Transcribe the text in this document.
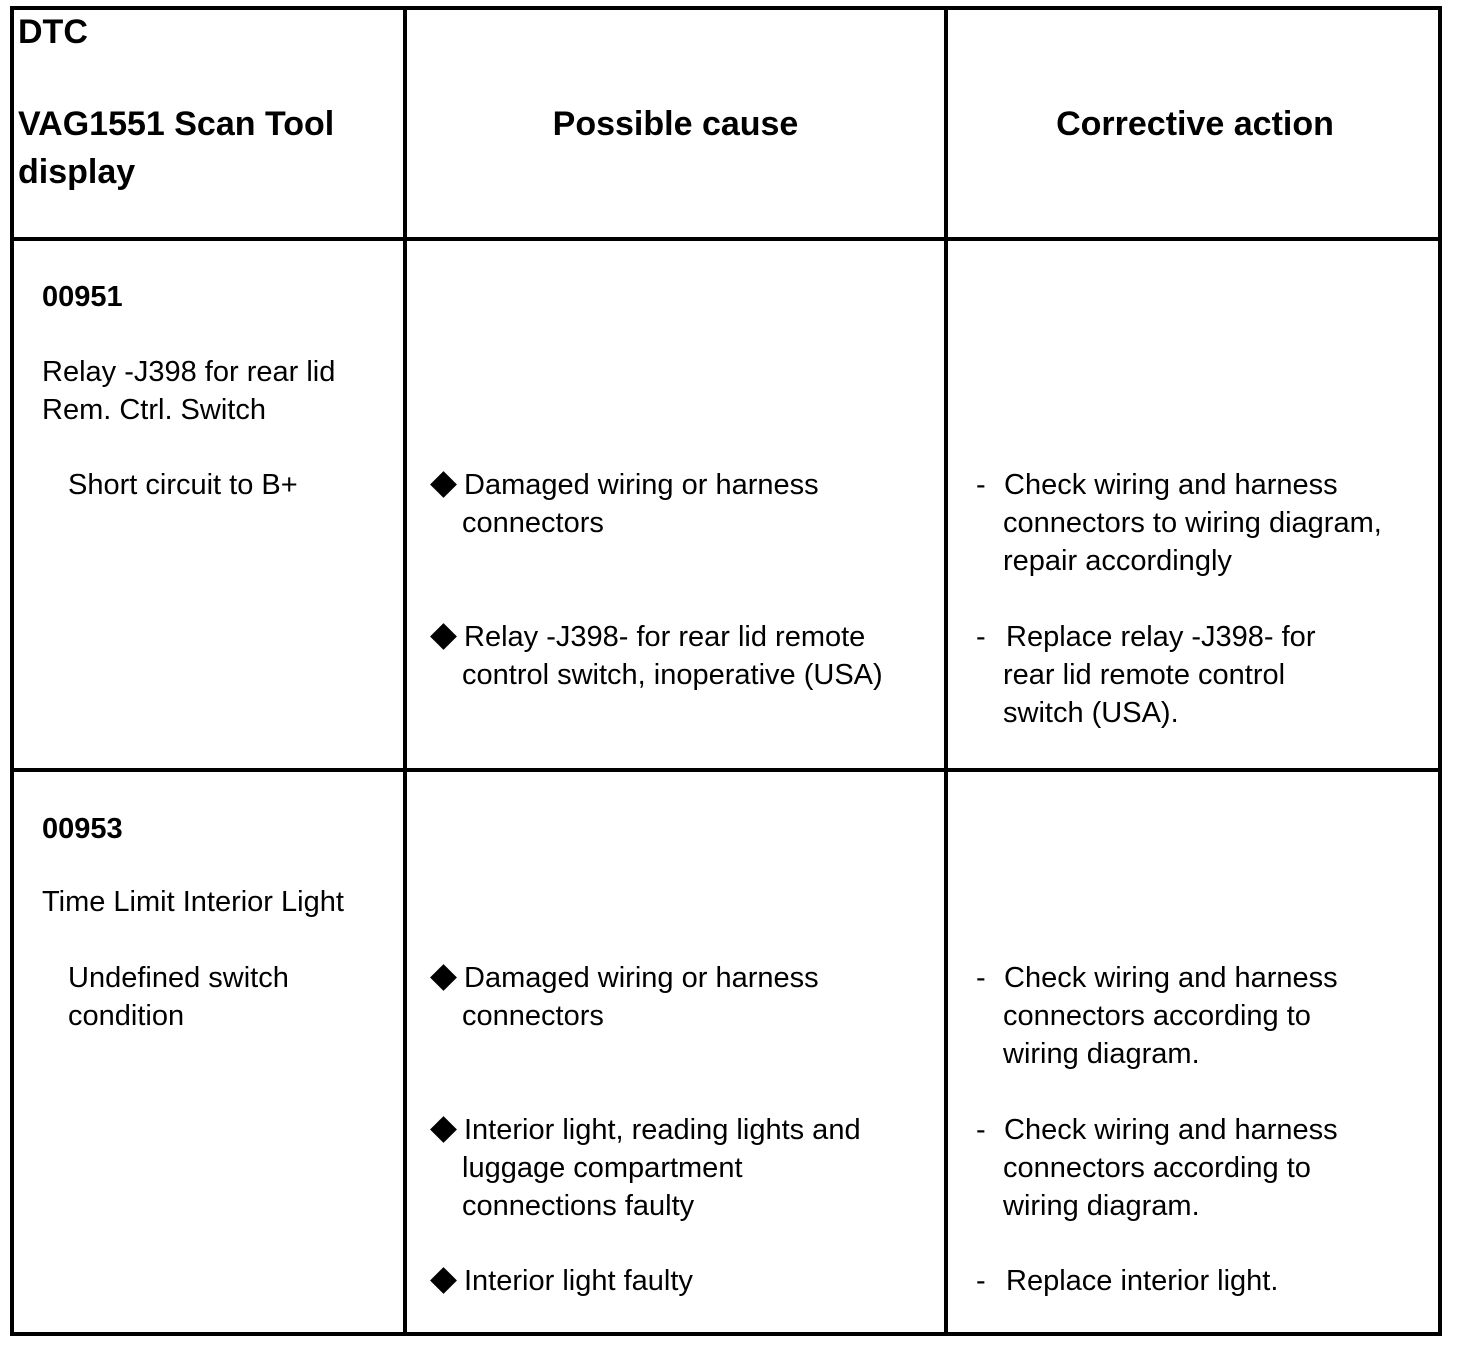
DTC
VAG1551 Scan Tool
display
Possible cause	Corrective action
00951
Relay -J398 for rear lid
Rem. Ctrl. Switch
Short circuit to B+	Damaged wiring or harness
connectors
Relay -J398- for rear lid remote
control switch, inoperative (USA)
- Check wiring and harness
connectors to wiring diagram,
repair accordingly
- Replace relay -J398- for
rear lid remote control
switch (USA).
00953
Time Limit Interior Light
Undefined switch
condition
Damaged wiring or harness
connectors
Interior light, reading lights and
luggage compartment
connections faulty
Interior light faulty
- Check wiring and harness
connectors according to
wiring diagram.
- Check wiring and harness
connectors according to
wiring diagram.
- Replace interior light.
